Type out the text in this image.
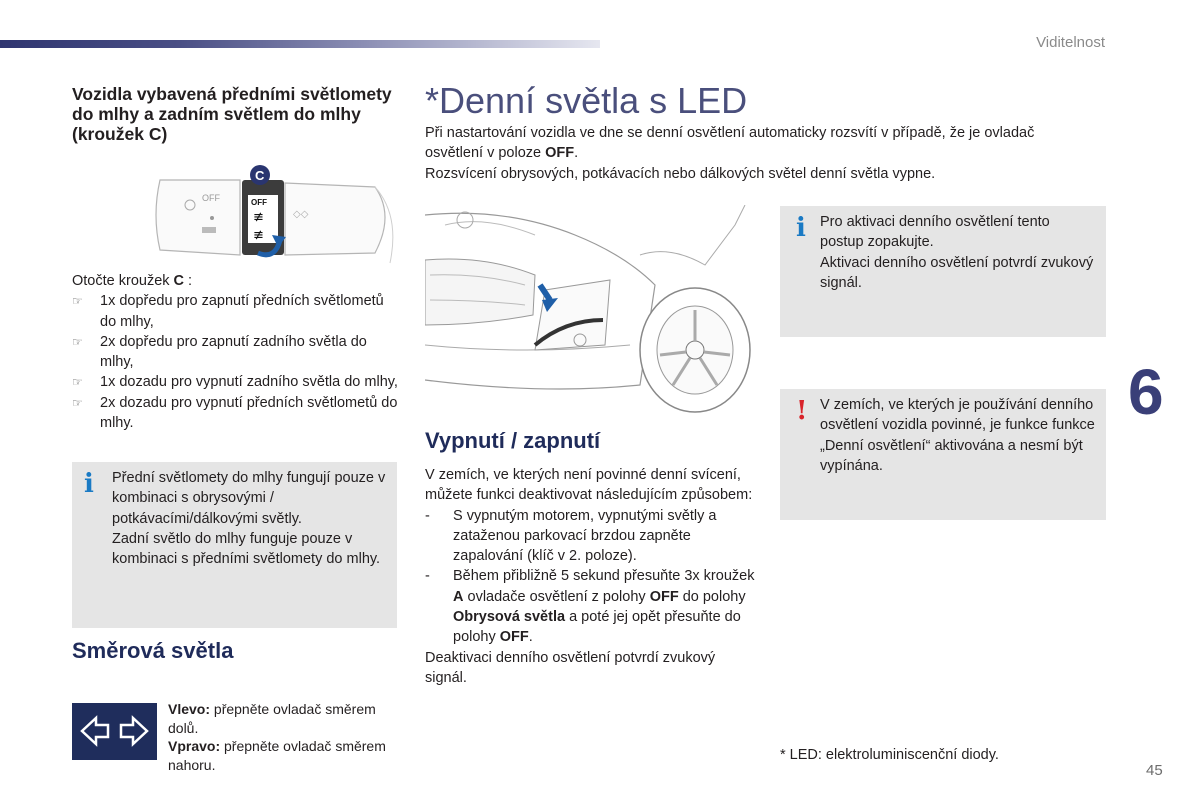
Viditelnost
6
45
Vozidla vybavená předními světlomety do mlhy a zadním světlem do mlhy (kroužek C)
OFF	OFF
≢
≢
◇◇
C
Otočte kroužek C :
☞ 1x dopředu pro zapnutí předních světlometů do mlhy,
☞ 2x dopředu pro zapnutí zadního světla do mlhy,
☞ 1x dozadu pro vypnutí zadního světla do mlhy,
☞ 2x dozadu pro vypnutí předních světlometů do mlhy.
i Přední světlomety do mlhy fungují pouze v kombinaci s obrysovými / potkávacími/dálkovými světly.
Zadní světlo do mlhy funguje pouze v kombinaci s předními světlomety do mlhy.
Směrová světla
Vlevo: přepněte ovladač směrem dolů.
Vpravo: přepněte ovladač směrem nahoru.
*Denní světla s LED
Při nastartování vozidla ve dne se denní osvětlení automaticky rozsvítí v případě, že je ovladač osvětlení v poloze OFF.
Rozsvícení obrysových, potkávacích nebo dálkových světel denní světla vypne.
Vypnutí / zapnutí
V zemích, ve kterých není povinné denní svícení, můžete funkci deaktivovat následujícím způsobem:
- S vypnutým motorem, vypnutými světly a zataženou parkovací brzdou zapněte zapalování (klíč v 2. poloze).
- Během přibližně 5 sekund přesuňte 3x kroužek A ovladače osvětlení z polohy OFF do polohy Obrysová světla a poté jej opět přesuňte do polohy OFF.
Deaktivaci denního osvětlení potvrdí zvukový signál.
i Pro aktivaci denního osvětlení tento postup zopakujte.
Aktivaci denního osvětlení potvrdí zvukový signál.
! V zemích, ve kterých je používání denního osvětlení vozidla povinné, je funkce funkce „Denní osvětlení“ aktivována a nesmí být vypínána.
* LED: elektroluminiscenční diody.
